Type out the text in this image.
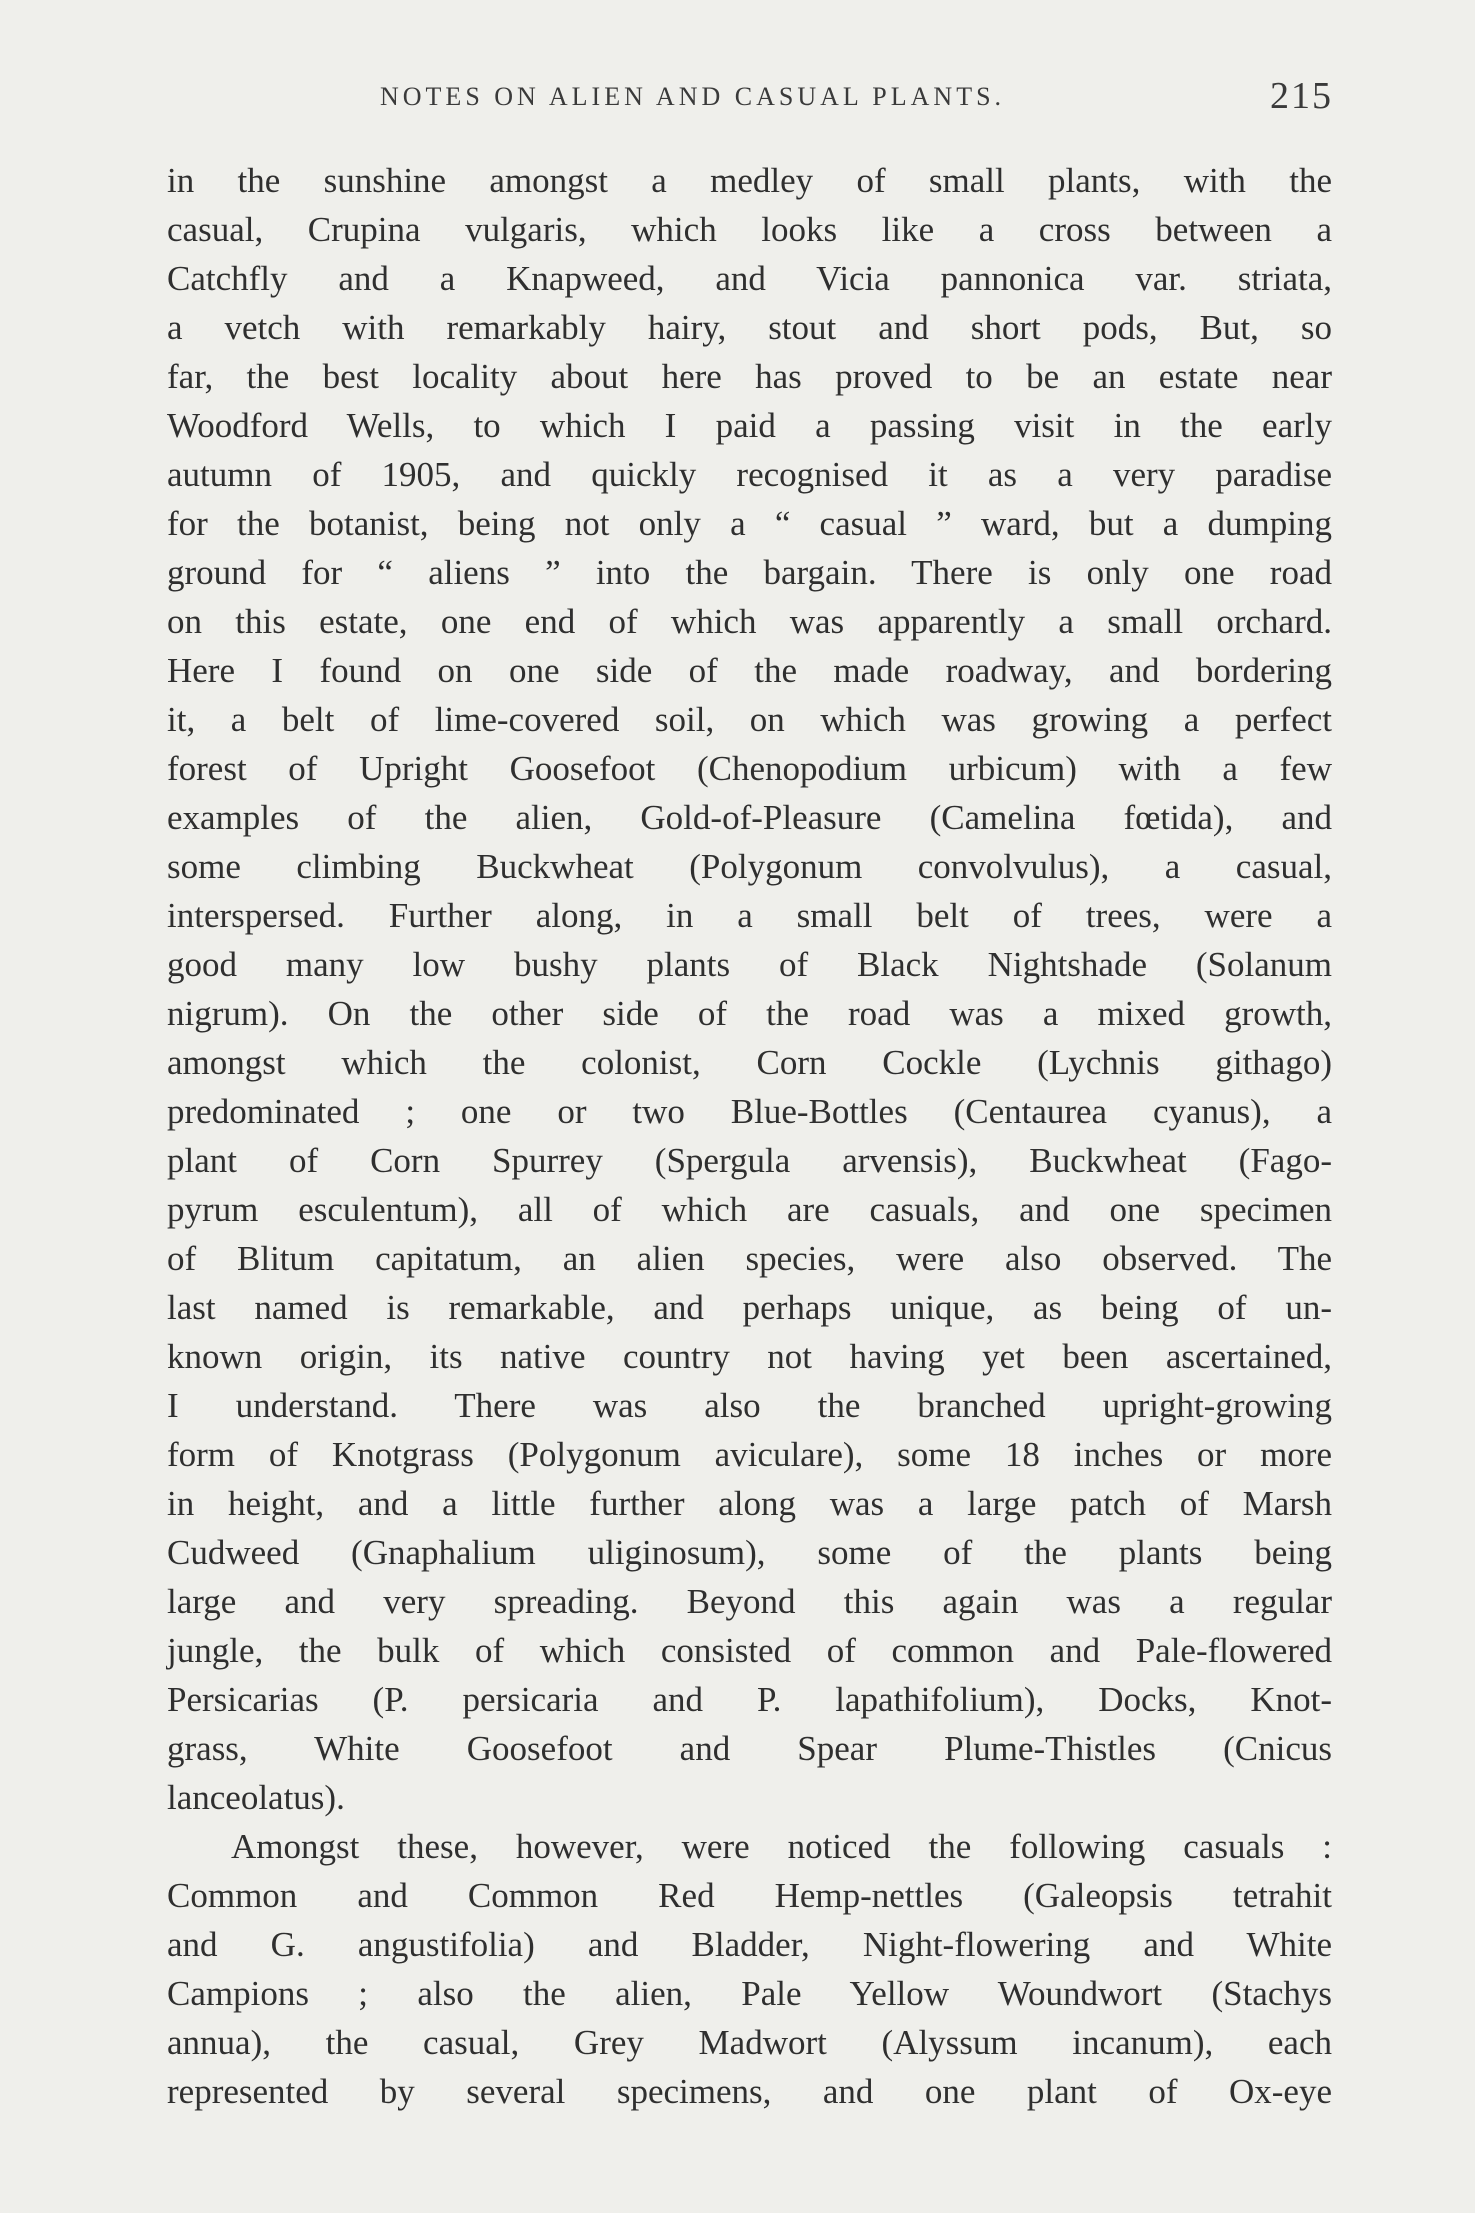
NOTES ON ALIEN AND CASUAL PLANTS.	215
in the sunshine amongst a medley of small plants, with the
casual, Crupina vulgaris, which looks like a cross between a
Catchfly and a Knapweed, and Vicia pannonica var. striata,
a vetch with remarkably hairy, stout and short pods, But, so
far, the best locality about here has proved to be an estate near
Woodford Wells, to which I paid a passing visit in the early
autumn of 1905, and quickly recognised it as a very paradise
for the botanist, being not only a “ casual ” ward, but a dumping
ground for “ aliens ” into the bargain. There is only one road
on this estate, one end of which was apparently a small orchard.
Here I found on one side of the made roadway, and bordering
it, a belt of lime-covered soil, on which was growing a perfect
forest of Upright Goosefoot (Chenopodium urbicum) with a few
examples of the alien, Gold-of-Pleasure (Camelina fœtida), and
some climbing Buckwheat (Polygonum convolvulus), a casual,
interspersed. Further along, in a small belt of trees, were a
good many low bushy plants of Black Nightshade (Solanum
nigrum). On the other side of the road was a mixed growth,
amongst which the colonist, Corn Cockle (Lychnis githago)
predominated ; one or two Blue-Bottles (Centaurea cyanus), a
plant of Corn Spurrey (Spergula arvensis), Buckwheat (Fago-
pyrum esculentum), all of which are casuals, and one specimen
of Blitum capitatum, an alien species, were also observed. The
last named is remarkable, and perhaps unique, as being of un-
known origin, its native country not having yet been ascertained,
I understand. There was also the branched upright-growing
form of Knotgrass (Polygonum aviculare), some 18 inches or more
in height, and a little further along was a large patch of Marsh
Cudweed (Gnaphalium uliginosum), some of the plants being
large and very spreading. Beyond this again was a regular
jungle, the bulk of which consisted of common and Pale-flowered
Persicarias (P. persicaria and P. lapathifolium), Docks, Knot-
grass, White Goosefoot and Spear Plume-Thistles (Cnicus
lanceolatus).
Amongst these, however, were noticed the following casuals :
Common and Common Red Hemp-nettles (Galeopsis tetrahit
and G. angustifolia) and Bladder, Night-flowering and White
Campions ; also the alien, Pale Yellow Woundwort (Stachys
annua), the casual, Grey Madwort (Alyssum incanum), each
represented by several specimens, and one plant of Ox-eye
